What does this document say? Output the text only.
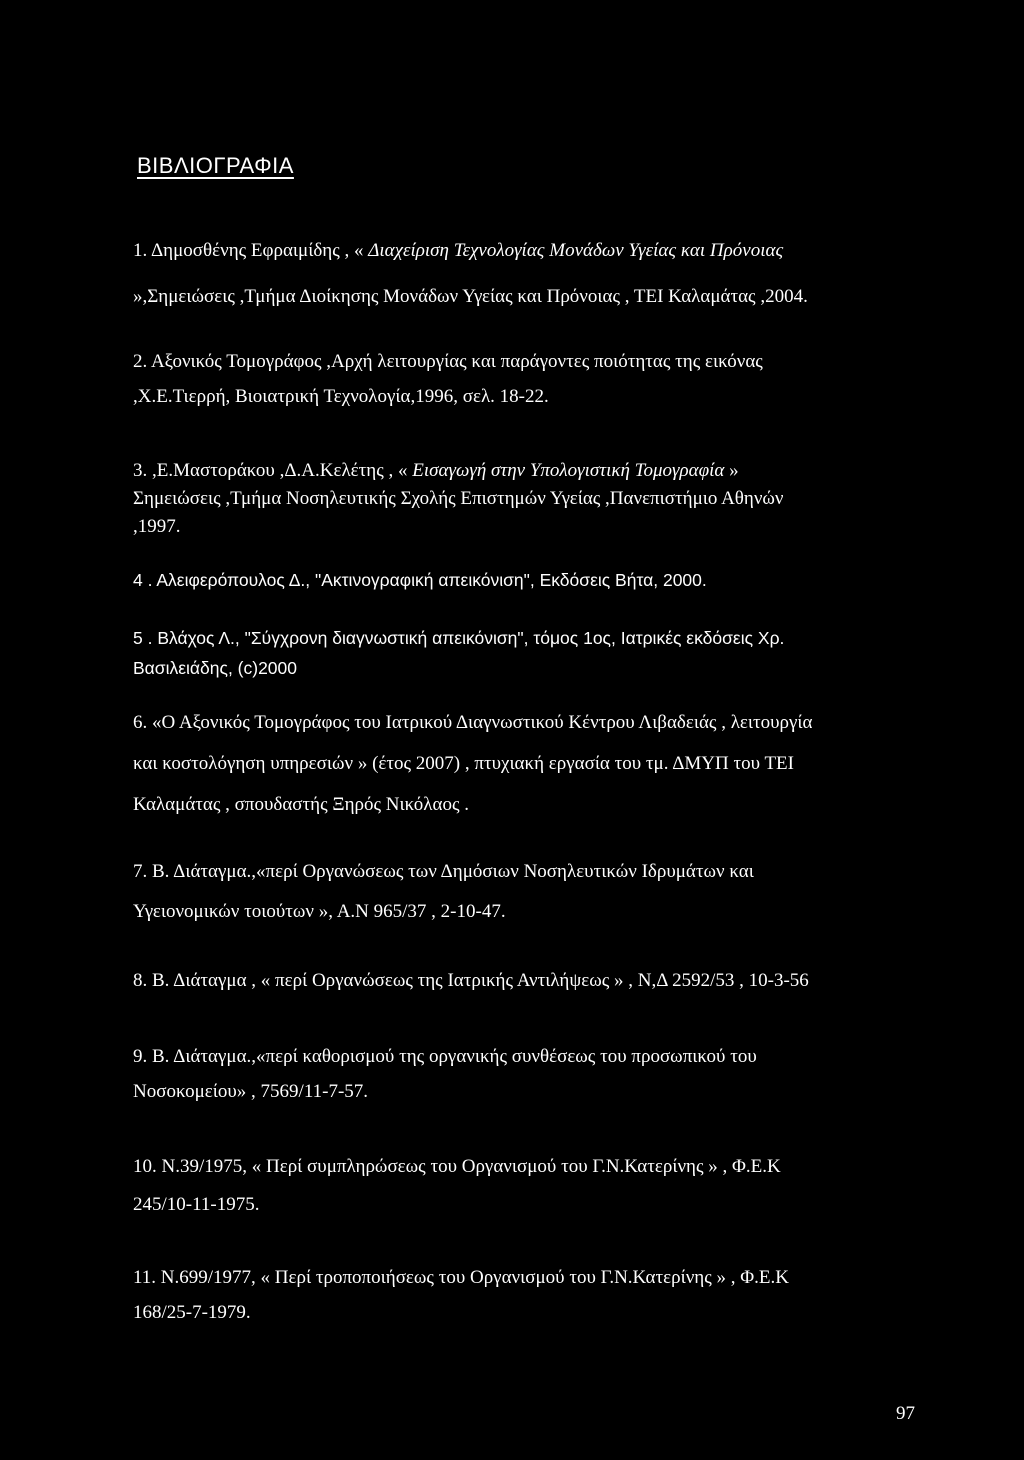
ΒΙΒΛΙΟΓΡΑΦΙΑ
1. Δημοσθένης Εφραιμίδης , « Διαχείριση Τεχνολογίας Μονάδων Υγείας και Πρόνοιας
»,Σημειώσεις ,Τμήμα Διοίκησης Μονάδων Υγείας και Πρόνοιας , ΤΕΙ Καλαμάτας ,2004.
2. Αξονικός Τομογράφος ,Αρχή λειτουργίας και παράγοντες ποιότητας της εικόνας
,Χ.Ε.Τιερρή, Βιοιατρική Τεχνολογία,1996, σελ. 18-22.
3. ,Ε.Μαστοράκου ,Δ.Α.Κελέτης , « Εισαγωγή στην Υπολογιστική Τομογραφία »
Σημειώσεις ,Τμήμα Νοσηλευτικής Σχολής Επιστημών Υγείας ,Πανεπιστήμιο Αθηνών
,1997.
4 . Αλειφερόπουλος Δ., "Ακτινογραφική απεικόνιση", Εκδόσεις Βήτα, 2000.
5 . Βλάχος Λ., "Σύγχρονη διαγνωστική απεικόνιση", τόμος 1ος, Ιατρικές εκδόσεις Χρ.
Βασιλειάδης, (c)2000
6. «Ο Αξονικός Τομογράφος του Ιατρικού Διαγνωστικού Κέντρου Λιβαδειάς , λειτουργία
και κοστολόγηση υπηρεσιών » (έτος 2007) , πτυχιακή εργασία του τμ. ΔΜΥΠ του ΤΕΙ
Καλαμάτας , σπουδαστής Ξηρός Νικόλαος .
7. Β. Διάταγμα.,«περί Οργανώσεως των Δημόσιων Νοσηλευτικών Ιδρυμάτων και
Υγειονομικών τοιούτων », Α.Ν 965/37 , 2-10-47.
8. Β. Διάταγμα , « περί Οργανώσεως της Ιατρικής Αντιλήψεως » , Ν,Δ 2592/53 , 10-3-56
9. Β. Διάταγμα.,«περί καθορισμού της οργανικής συνθέσεως του προσωπικού του
Νοσοκομείου» , 7569/11-7-57.
10. Ν.39/1975, « Περί συμπληρώσεως του Οργανισμού του Γ.Ν.Κατερίνης » , Φ.Ε.Κ
245/10-11-1975.
11. Ν.699/1977, « Περί τροποποιήσεως του Οργανισμού του Γ.Ν.Κατερίνης » , Φ.Ε.Κ
168/25-7-1979.
97
